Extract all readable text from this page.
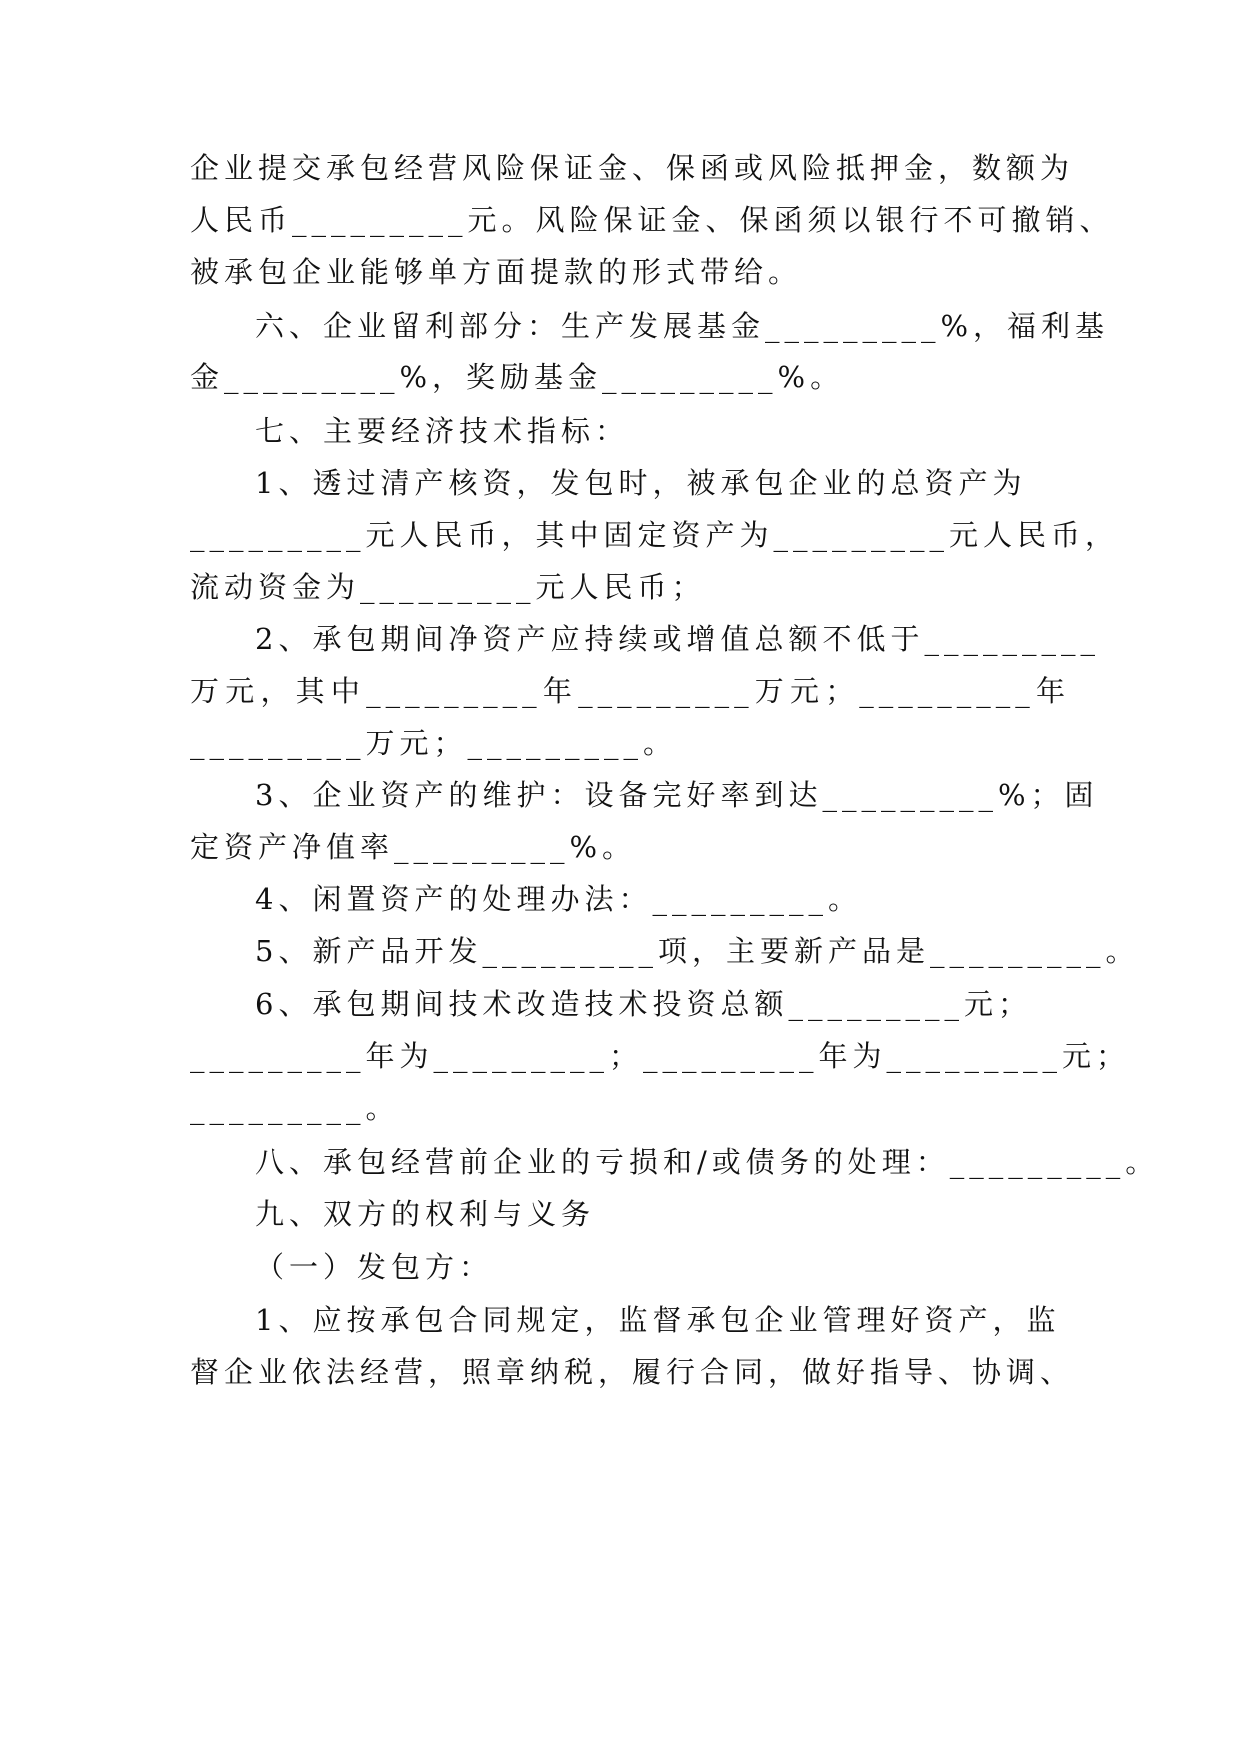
企业提交承包经营风险保证金、保函或风险抵押金，数额为
人民币_________元。风险保证金、保函须以银行不可撤销、
被承包企业能够单方面提款的形式带给。
六、企业留利部分：生产发展基金_________%，福利基
金_________%，奖励基金_________%。
七、主要经济技术指标：
1、透过清产核资，发包时，被承包企业的总资产为
_________元人民币，其中固定资产为_________元人民币，
流动资金为_________元人民币；
2、承包期间净资产应持续或增值总额不低于_________
万元，其中_________年_________万元；_________年
_________万元；_________。
3、企业资产的维护：设备完好率到达_________%；固
定资产净值率_________%。
4、闲置资产的处理办法：_________。
5、新产品开发_________项，主要新产品是_________。
6、承包期间技术改造技术投资总额_________元；
_________年为_________；_________年为_________元；
_________。
八、承包经营前企业的亏损和/或债务的处理：_________。
九、双方的权利与义务
（一）发包方：
1、应按承包合同规定，监督承包企业管理好资产，监
督企业依法经营，照章纳税，履行合同，做好指导、协调、
